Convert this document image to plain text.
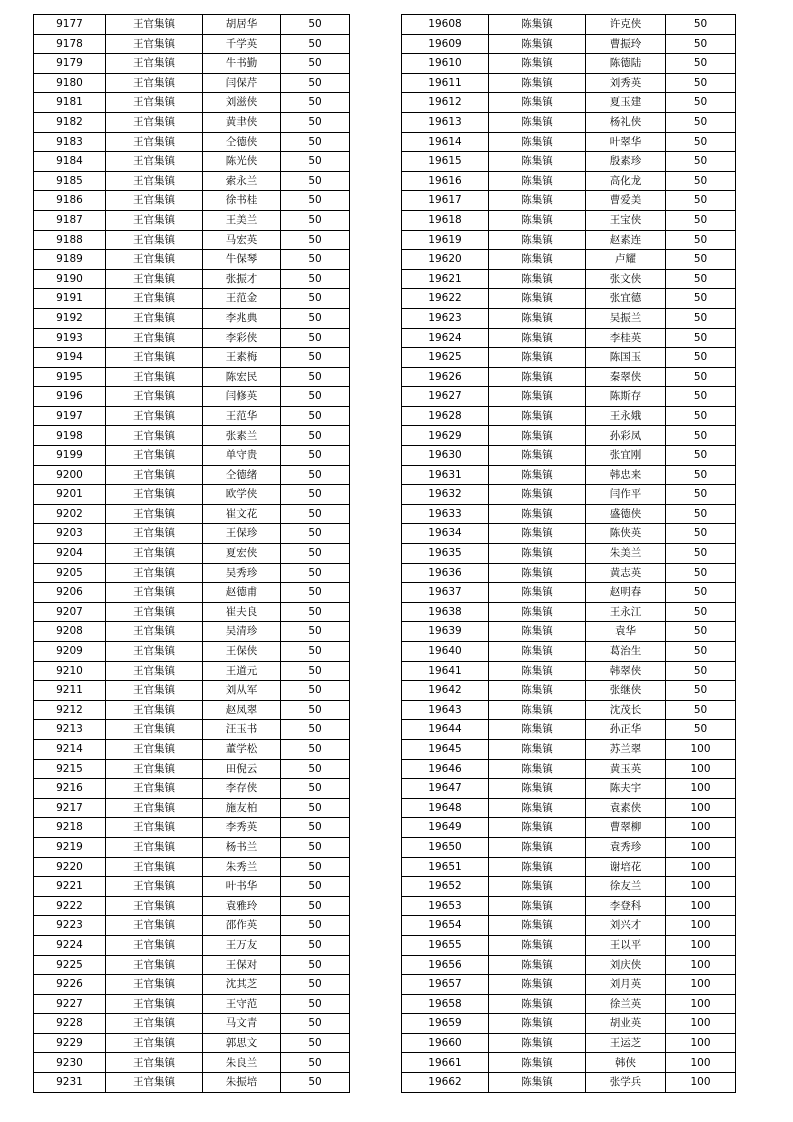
9177	王官集镇	胡居华	50
9178	王官集镇	千学英	50
9179	王官集镇	牛书勤	50
9180	王官集镇	闫保芹	50
9181	王官集镇	刘滋侠	50
9182	王官集镇	黄聿侠	50
9183	王官集镇	仝德侠	50
9184	王官集镇	陈光侠	50
9185	王官集镇	索永兰	50
9186	王官集镇	徐书桂	50
9187	王官集镇	王美兰	50
9188	王官集镇	马宏英	50
9189	王官集镇	牛保琴	50
9190	王官集镇	张振才	50
9191	王官集镇	王范金	50
9192	王官集镇	李兆典	50
9193	王官集镇	李彩侠	50
9194	王官集镇	王素梅	50
9195	王官集镇	陈宏民	50
9196	王官集镇	闫修英	50
9197	王官集镇	王范华	50
9198	王官集镇	张素兰	50
9199	王官集镇	单守贵	50
9200	王官集镇	仝德绪	50
9201	王官集镇	欧学侠	50
9202	王官集镇	崔文花	50
9203	王官集镇	王保珍	50
9204	王官集镇	夏宏侠	50
9205	王官集镇	吴秀珍	50
9206	王官集镇	赵德甫	50
9207	王官集镇	崔夫良	50
9208	王官集镇	吴清珍	50
9209	王官集镇	王保侠	50
9210	王官集镇	王道元	50
9211	王官集镇	刘从军	50
9212	王官集镇	赵凤翠	50
9213	王官集镇	汪玉书	50
9214	王官集镇	董学松	50
9215	王官集镇	田倪云	50
9216	王官集镇	李存侠	50
9217	王官集镇	施友柏	50
9218	王官集镇	李秀英	50
9219	王官集镇	杨书兰	50
9220	王官集镇	朱秀兰	50
9221	王官集镇	叶书华	50
9222	王官集镇	袁雅玲	50
9223	王官集镇	邵作英	50
9224	王官集镇	王万友	50
9225	王官集镇	王保对	50
9226	王官集镇	沈其芝	50
9227	王官集镇	王守范	50
9228	王官集镇	马文青	50
9229	王官集镇	郭思文	50
9230	王官集镇	朱良兰	50
9231	王官集镇	朱振培	50
19608	陈集镇	许克侠	50
19609	陈集镇	曹振玲	50
19610	陈集镇	陈德陆	50
19611	陈集镇	刘秀英	50
19612	陈集镇	夏玉建	50
19613	陈集镇	杨礼侠	50
19614	陈集镇	叶翠华	50
19615	陈集镇	殷素珍	50
19616	陈集镇	高化龙	50
19617	陈集镇	曹爱美	50
19618	陈集镇	王宝侠	50
19619	陈集镇	赵素连	50
19620	陈集镇	卢耀	50
19621	陈集镇	张文侠	50
19622	陈集镇	张宜德	50
19623	陈集镇	吴振兰	50
19624	陈集镇	李桂英	50
19625	陈集镇	陈国玉	50
19626	陈集镇	秦翠侠	50
19627	陈集镇	陈斯存	50
19628	陈集镇	王永娥	50
19629	陈集镇	孙彩凤	50
19630	陈集镇	张宜刚	50
19631	陈集镇	韩忠来	50
19632	陈集镇	闫作平	50
19633	陈集镇	盛德侠	50
19634	陈集镇	陈侠英	50
19635	陈集镇	朱美兰	50
19636	陈集镇	黄志英	50
19637	陈集镇	赵明春	50
19638	陈集镇	王永江	50
19639	陈集镇	袁华	50
19640	陈集镇	葛治生	50
19641	陈集镇	韩翠侠	50
19642	陈集镇	张继侠	50
19643	陈集镇	沈茂长	50
19644	陈集镇	孙正华	50
19645	陈集镇	苏兰翠	100
19646	陈集镇	黄玉英	100
19647	陈集镇	陈夫宇	100
19648	陈集镇	袁素侠	100
19649	陈集镇	曹翠柳	100
19650	陈集镇	袁秀珍	100
19651	陈集镇	谢培花	100
19652	陈集镇	徐友兰	100
19653	陈集镇	李登科	100
19654	陈集镇	刘兴才	100
19655	陈集镇	王以平	100
19656	陈集镇	刘庆侠	100
19657	陈集镇	刘月英	100
19658	陈集镇	徐兰英	100
19659	陈集镇	胡业英	100
19660	陈集镇	王运芝	100
19661	陈集镇	韩侠	100
19662	陈集镇	张学兵	100
